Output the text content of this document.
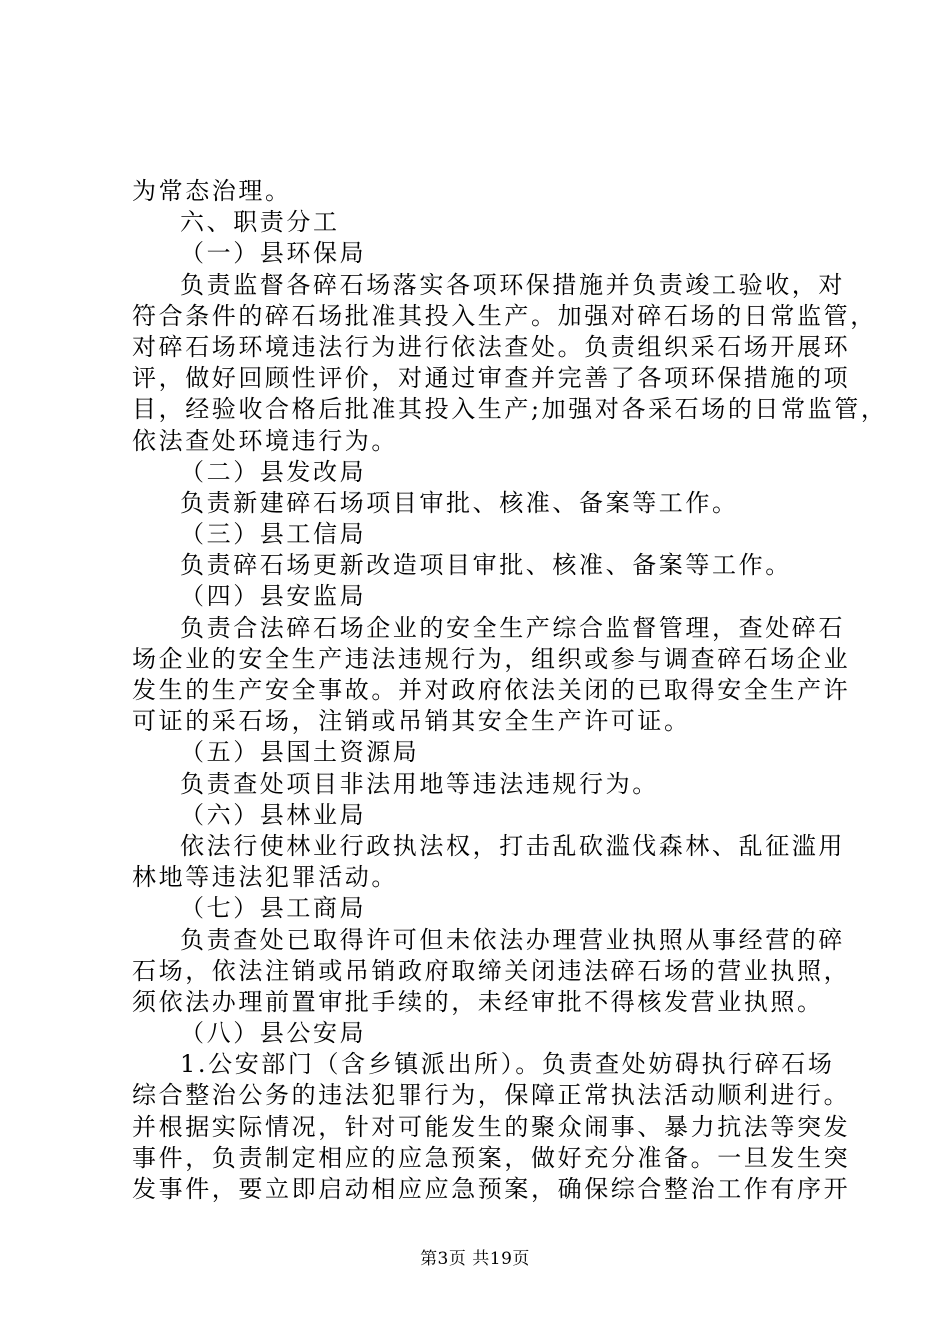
为常态治理。
六、职责分工
（一）县环保局
负责监督各碎石场落实各项环保措施并负责竣工验收，对
符合条件的碎石场批准其投入生产。加强对碎石场的日常监管，
对碎石场环境违法行为进行依法查处。负责组织采石场开展环
评，做好回顾性评价，对通过审查并完善了各项环保措施的项
目，经验收合格后批准其投入生产;加强对各采石场的日常监管，
依法查处环境违行为。
（二）县发改局
负责新建碎石场项目审批、核准、备案等工作。
（三）县工信局
负责碎石场更新改造项目审批、核准、备案等工作。
（四）县安监局
负责合法碎石场企业的安全生产综合监督管理，查处碎石
场企业的安全生产违法违规行为，组织或参与调查碎石场企业
发生的生产安全事故。并对政府依法关闭的已取得安全生产许
可证的采石场，注销或吊销其安全生产许可证。
（五）县国土资源局
负责查处项目非法用地等违法违规行为。
（六）县林业局
依法行使林业行政执法权，打击乱砍滥伐森林、乱征滥用
林地等违法犯罪活动。
（七）县工商局
负责查处已取得许可但未依法办理营业执照从事经营的碎
石场，依法注销或吊销政府取缔关闭违法碎石场的营业执照，
须依法办理前置审批手续的，未经审批不得核发营业执照。
（八）县公安局
1.公安部门（含乡镇派出所）。负责查处妨碍执行碎石场
综合整治公务的违法犯罪行为，保障正常执法活动顺利进行。
并根据实际情况，针对可能发生的聚众闹事、暴力抗法等突发
事件，负责制定相应的应急预案，做好充分准备。一旦发生突
发事件，要立即启动相应应急预案，确保综合整治工作有序开
第3页 共19页
